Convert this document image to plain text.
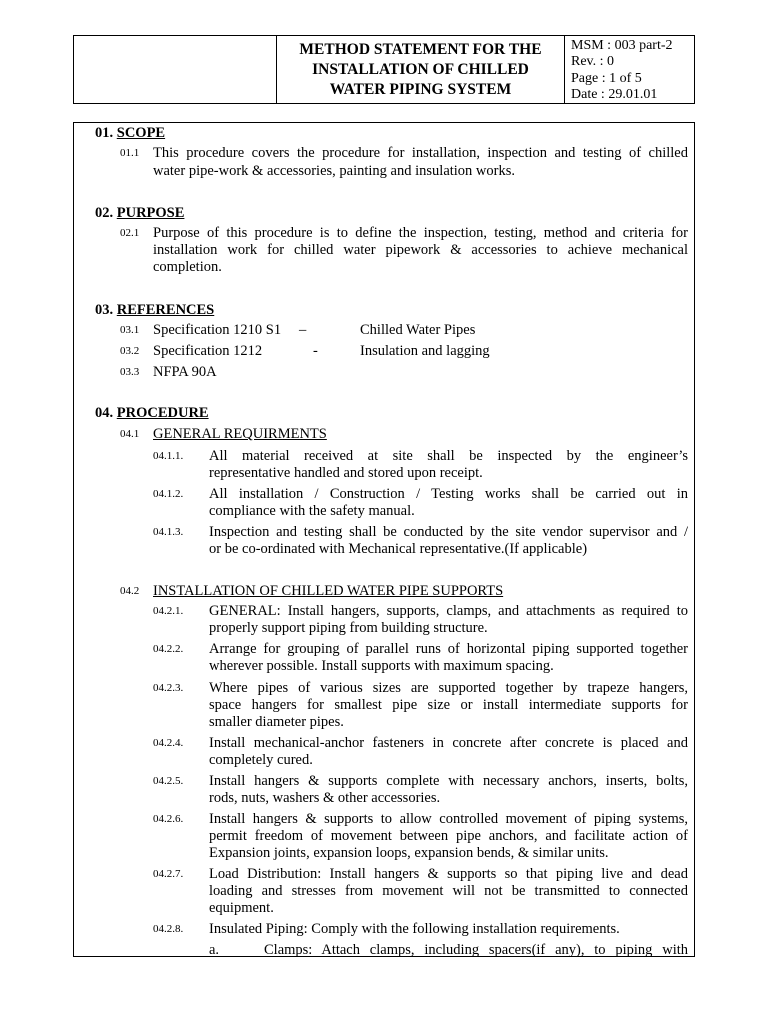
METHOD STATEMENT FOR THE
INSTALLATION OF CHILLED
WATER PIPING SYSTEM
MSM : 003 part-2
Rev. : 0
Page : 1 of 5
Date : 29.01.01
01. SCOPE
01.1 This procedure covers the procedure for installation, inspection and testing of chilled
water pipe-work & accessories, painting and insulation works.
02. PURPOSE
02.1 Purpose of this procedure is to define the inspection, testing, method and criteria for
installation work for chilled water pipework & accessories to achieve mechanical
completion.
03. REFERENCES
03.1 Specification 1210 S1 –	Chilled Water Pipes
03.2 Specification 1212	-	Insulation and lagging
03.3 NFPA 90A
04. PROCEDURE
04.1 GENERAL REQUIRMENTS
04.1.1. All material received at site shall be inspected by the engineer’s
representative handled and stored upon receipt.
04.1.2. All installation / Construction / Testing works shall be carried out in
compliance with the safety manual.
04.1.3. Inspection and testing shall be conducted by the site vendor supervisor and /
or be co-ordinated with Mechanical representative.(If applicable)
04.2 INSTALLATION OF CHILLED WATER PIPE SUPPORTS
04.2.1. GENERAL: Install hangers, supports, clamps, and attachments as required to
properly support piping from building structure.
04.2.2. Arrange for grouping of parallel runs of horizontal piping supported together
wherever possible. Install supports with maximum spacing.
04.2.3. Where pipes of various sizes are supported together by trapeze hangers,
space hangers for smallest pipe size or install intermediate supports for
smaller diameter pipes.
04.2.4. Install mechanical-anchor fasteners in concrete after concrete is placed and
completely cured.
04.2.5. Install hangers & supports complete with necessary anchors, inserts, bolts,
rods, nuts, washers & other accessories.
04.2.6. Install hangers & supports to allow controlled movement of piping systems,
permit freedom of movement between pipe anchors, and facilitate action of
Expansion joints, expansion loops, expansion bends, & similar units.
04.2.7. Load Distribution: Install hangers & supports so that piping live and dead
loading and stresses from movement will not be transmitted to connected
equipment.
04.2.8. Insulated Piping: Comply with the following installation requirements.
a.	Clamps: Attach clamps, including spacers(if any), to piping with
